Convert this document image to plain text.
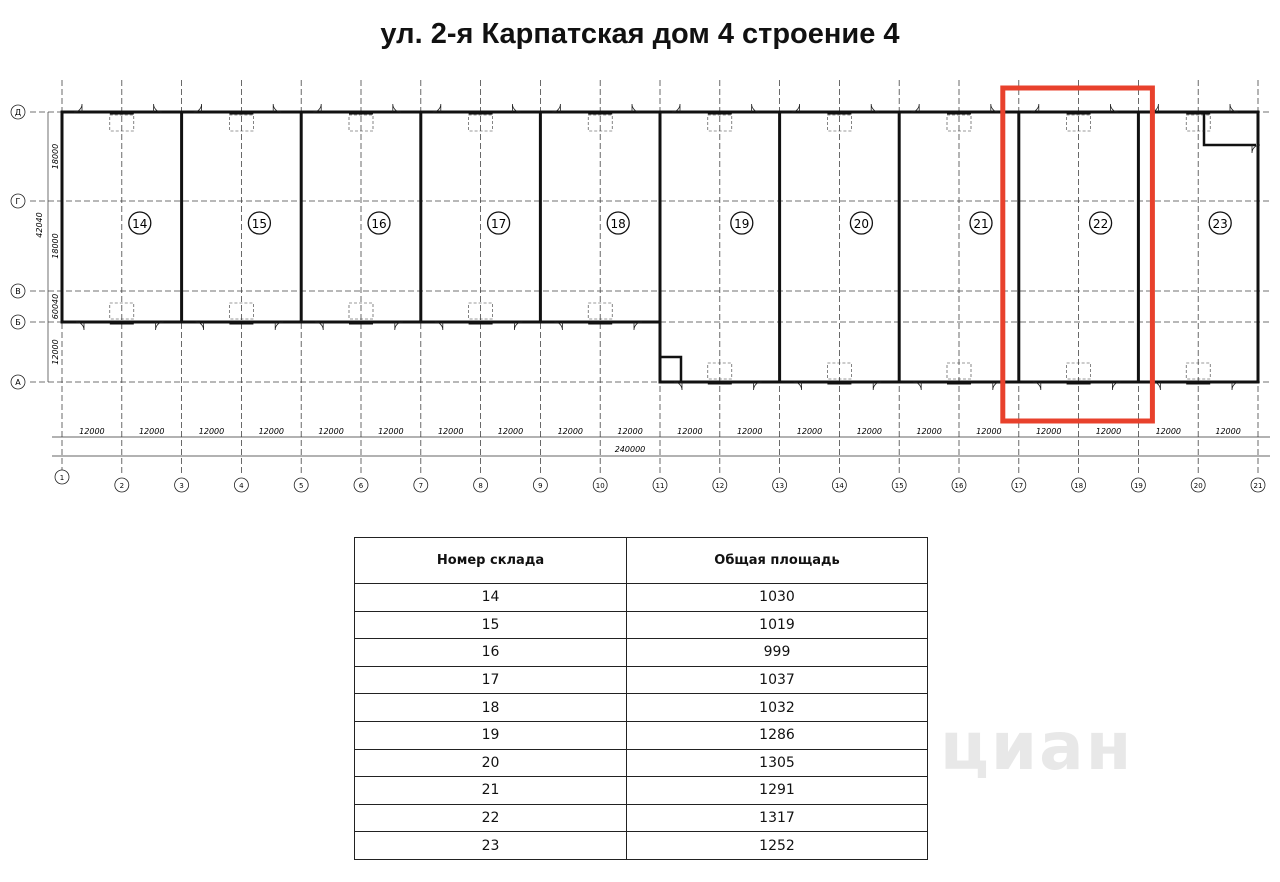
ул. 2-я Карпатская дом 4 строение 4
Д
Г
В
Б
А
18000
18000
60040
12000
42040
12000	12000	12000	12000	12000	12000	12000	12000	12000	12000	12000	12000	12000	12000	12000	12000	12000	12000	12000	12000
240000
1
2	3	4	5	6	7	8	9	10	11	12	13	14	15	16	17	18	19	20	21
14	15	16	17	18	19	20	21	22	23
Номер склада	Общая площадь
14	1030
15	1019
16	999
17	1037
18	1032
19	1286
20	1305
21	1291
22	1317
23	1252
циан
